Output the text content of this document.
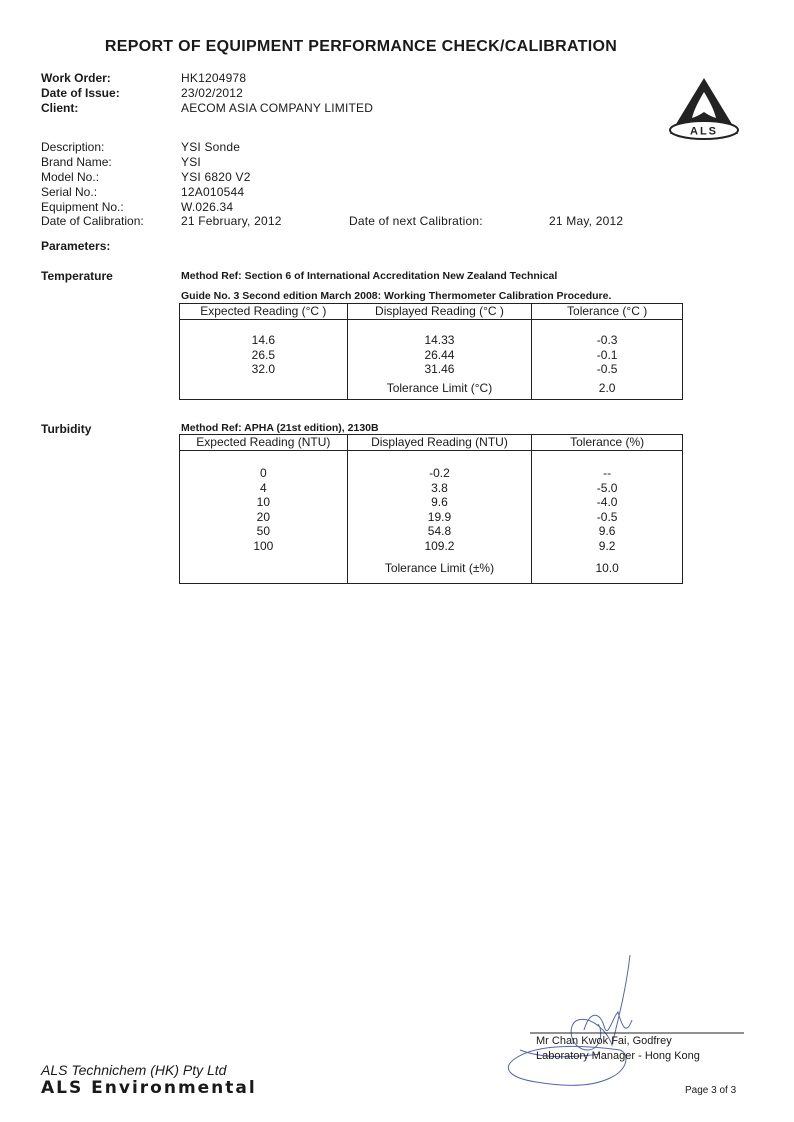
REPORT OF EQUIPMENT PERFORMANCE CHECK/CALIBRATION
ALS
Work Order:	HK1204978
Date of Issue:	23/02/2012
Client:	AECOM ASIA COMPANY LIMITED
Description:	YSI Sonde
Brand Name:	YSI
Model No.:	YSI 6820 V2
Serial No.:	12A010544
Equipment No.:	W.026.34
Date of Calibration:	21 February, 2012	Date of next Calibration:	21 May, 2012
Parameters:
Temperature	Method Ref: Section 6 of International Accreditation New Zealand Technical
Guide No. 3 Second edition March 2008: Working Thermometer Calibration Procedure.
Expected Reading (°C )	Displayed Reading (°C )	Tolerance (°C )

14.6	14.33	-0.3
26.5	26.44	-0.1
32.0	31.46	-0.5
	Tolerance Limit (°C)	2.0
Turbidity	Method Ref: APHA (21st edition), 2130B
Expected Reading (NTU)	Displayed Reading (NTU)	Tolerance (%)

0	-0.2	--
4	3.8	-5.0
10	9.6	-4.0
20	19.9	-0.5
50	54.8	9.6
100	109.2	9.2
	Tolerance Limit (±%)	10.0
Mr Chan Kwok Fai, Godfrey
Laboratory Manager - Hong Kong
ALS Technichem (HK) Pty Ltd
ALS Environmental	Page 3 of 3
